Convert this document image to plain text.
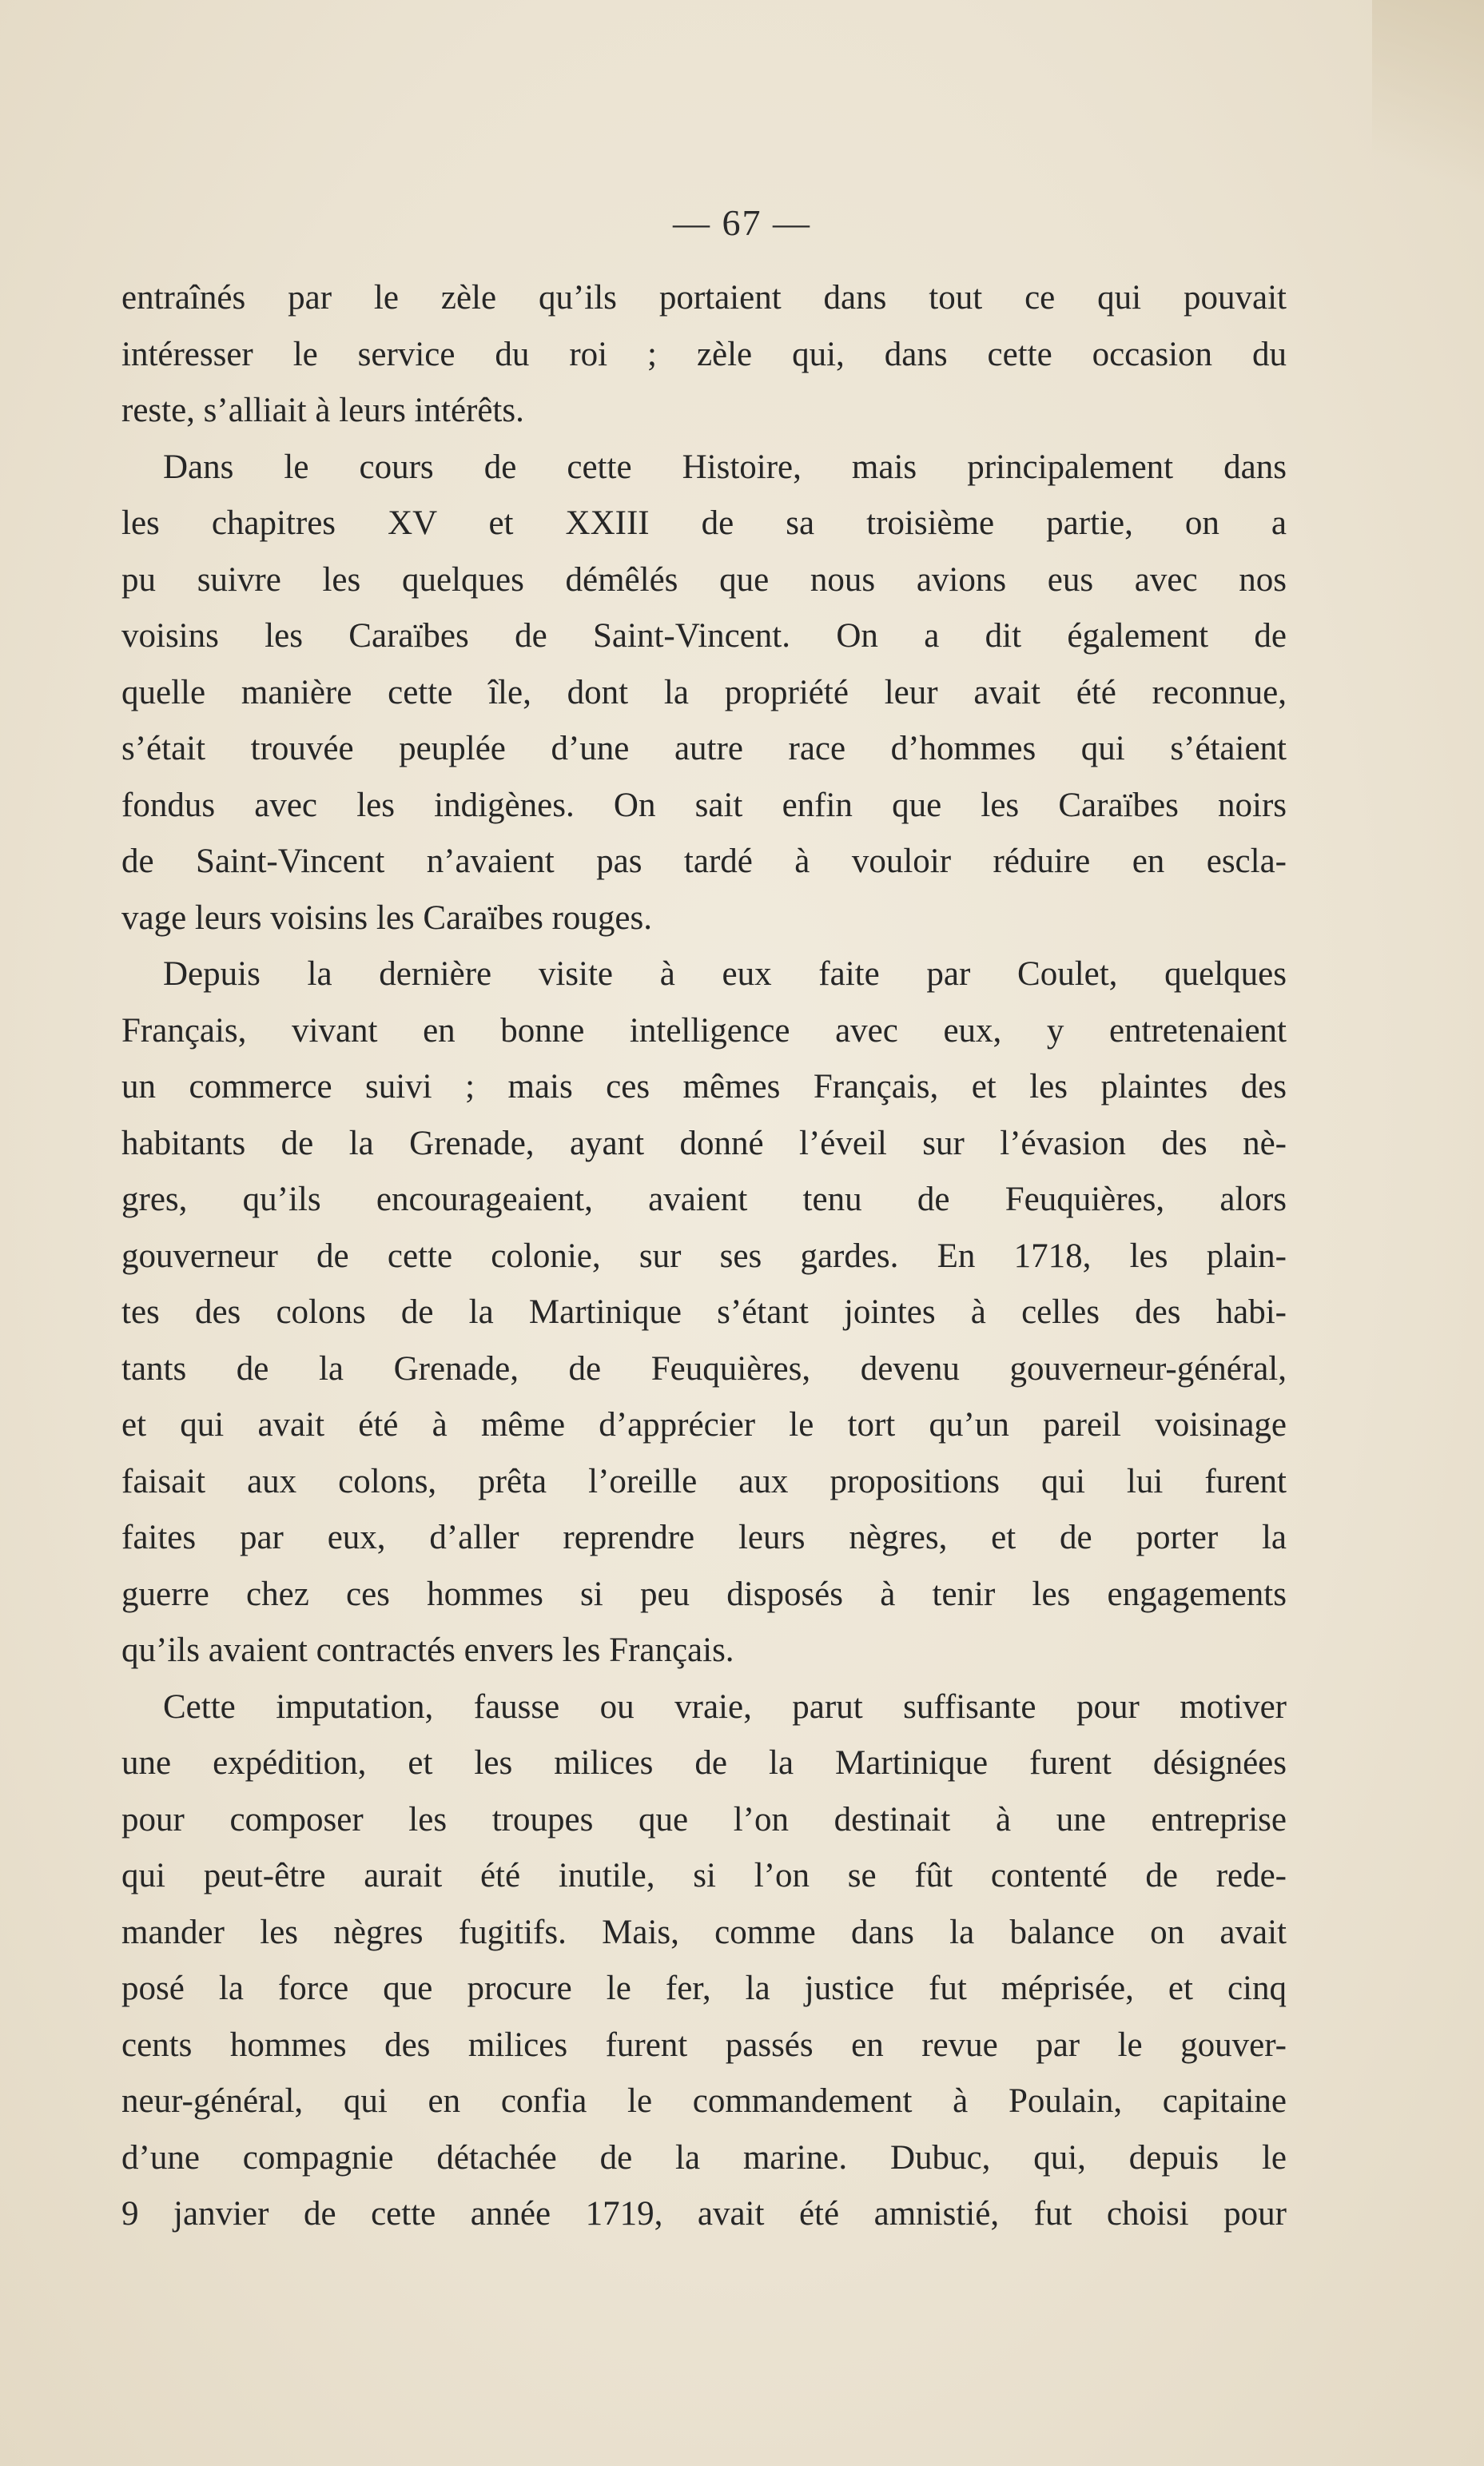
— 67 —
entraînés par le zèle qu’ils portaient dans tout ce qui pouvait
intéresser le service du roi ; zèle qui, dans cette occasion du
reste, s’alliait à leurs intérêts.
Dans le cours de cette Histoire, mais principalement dans
les chapitres XV et XXIII de sa troisième partie, on a
pu suivre les quelques démêlés que nous avions eus avec nos
voisins les Caraïbes de Saint-Vincent. On a dit également de
quelle manière cette île, dont la propriété leur avait été reconnue,
s’était trouvée peuplée d’une autre race d’hommes qui s’étaient
fondus avec les indigènes. On sait enfin que les Caraïbes noirs
de Saint-Vincent n’avaient pas tardé à vouloir réduire en escla-
vage leurs voisins les Caraïbes rouges.
Depuis la dernière visite à eux faite par Coulet, quelques
Français, vivant en bonne intelligence avec eux, y entretenaient
un commerce suivi ; mais ces mêmes Français, et les plaintes des
habitants de la Grenade, ayant donné l’éveil sur l’évasion des nè-
gres, qu’ils encourageaient, avaient tenu de Feuquières, alors
gouverneur de cette colonie, sur ses gardes. En 1718, les plain-
tes des colons de la Martinique s’étant jointes à celles des habi-
tants de la Grenade, de Feuquières, devenu gouverneur-général,
et qui avait été à même d’apprécier le tort qu’un pareil voisinage
faisait aux colons, prêta l’oreille aux propositions qui lui furent
faites par eux, d’aller reprendre leurs nègres, et de porter la
guerre chez ces hommes si peu disposés à tenir les engagements
qu’ils avaient contractés envers les Français.
Cette imputation, fausse ou vraie, parut suffisante pour motiver
une expédition, et les milices de la Martinique furent désignées
pour composer les troupes que l’on destinait à une entreprise
qui peut-être aurait été inutile, si l’on se fût contenté de rede-
mander les nègres fugitifs. Mais, comme dans la balance on avait
posé la force que procure le fer, la justice fut méprisée, et cinq
cents hommes des milices furent passés en revue par le gouver-
neur-général, qui en confia le commandement à Poulain, capitaine
d’une compagnie détachée de la marine. Dubuc, qui, depuis le
9 janvier de cette année 1719, avait été amnistié, fut choisi pour
